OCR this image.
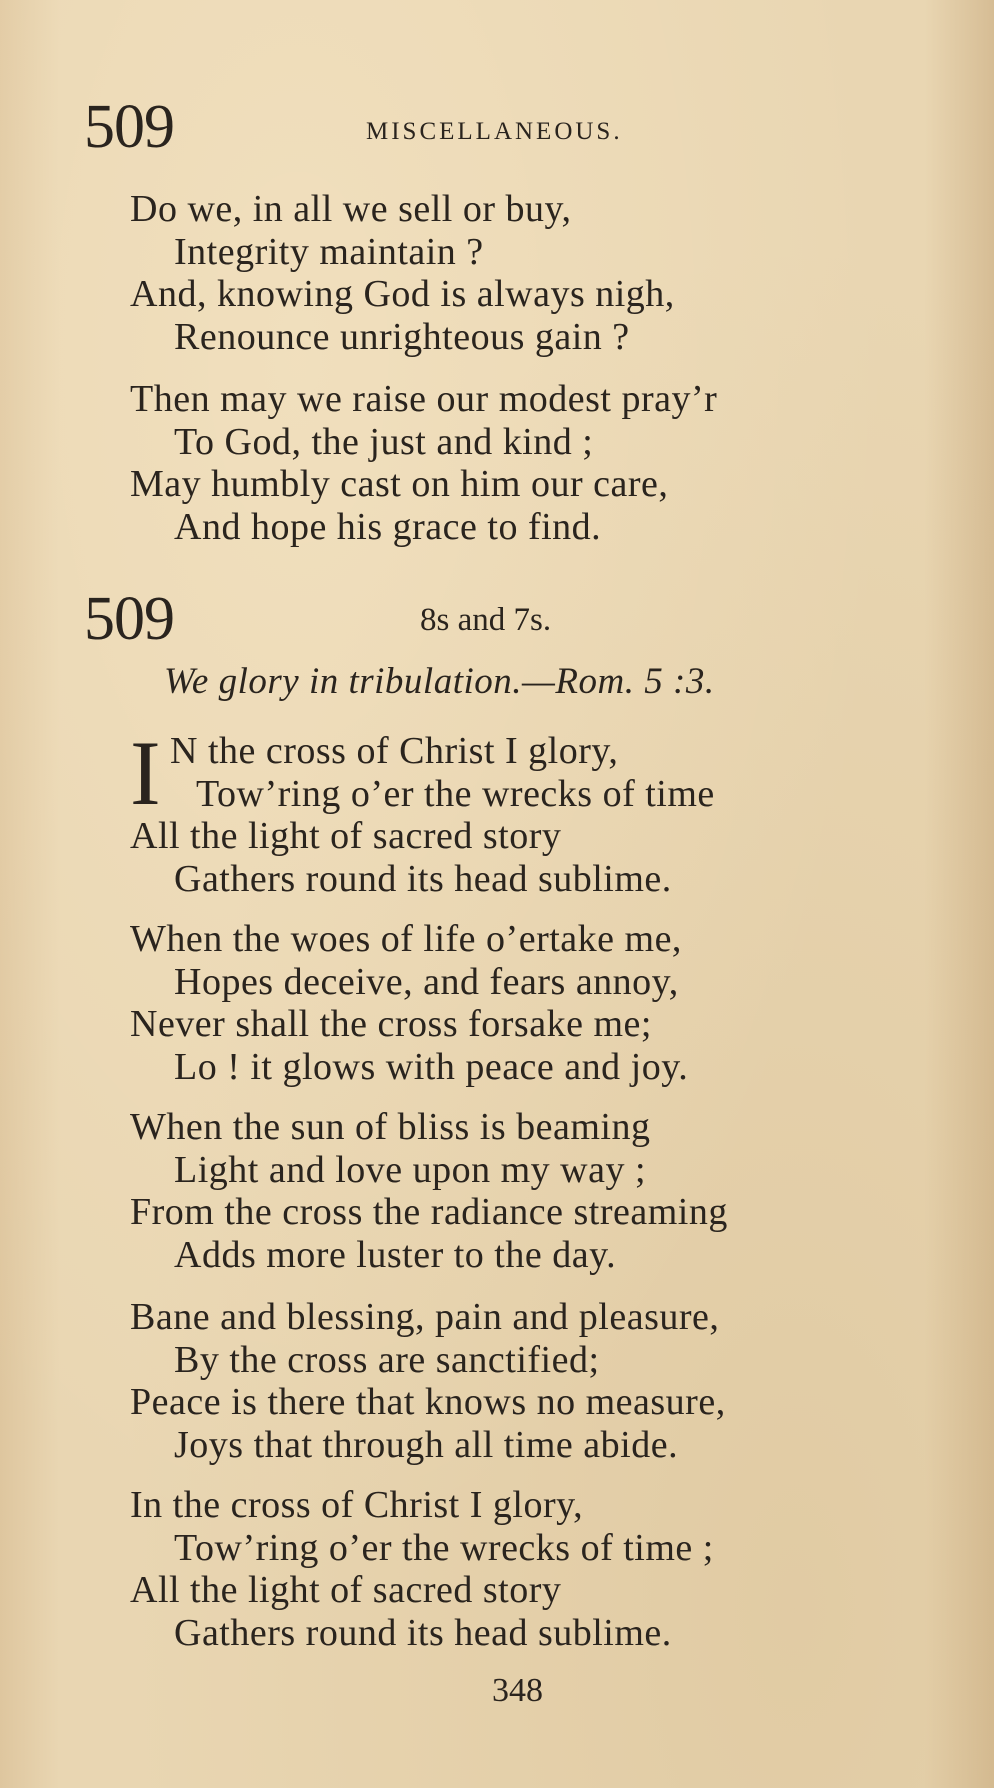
509	MISCELLANEOUS.
Do we, in all we sell or buy,
Integrity maintain ?
And, knowing God is always nigh,
Renounce unrighteous gain ?
Then may we raise our modest pray’r
To God, the just and kind ;
May humbly cast on him our care,
And hope his grace to find.
509	8s and 7s.
We glory in tribulation.—Rom. 5 :3.
I N the cross of Christ I glory,
Tow’ring o’er the wrecks of time
All the light of sacred story
Gathers round its head sublime.
When the woes of life o’ertake me,
Hopes deceive, and fears annoy,
Never shall the cross forsake me;
Lo ! it glows with peace and joy.
When the sun of bliss is beaming
Light and love upon my way ;
From the cross the radiance streaming
Adds more luster to the day.
Bane and blessing, pain and pleasure,
By the cross are sanctified;
Peace is there that knows no measure,
Joys that through all time abide.
In the cross of Christ I glory,
Tow’ring o’er the wrecks of time ;
All the light of sacred story
Gathers round its head sublime.
348
